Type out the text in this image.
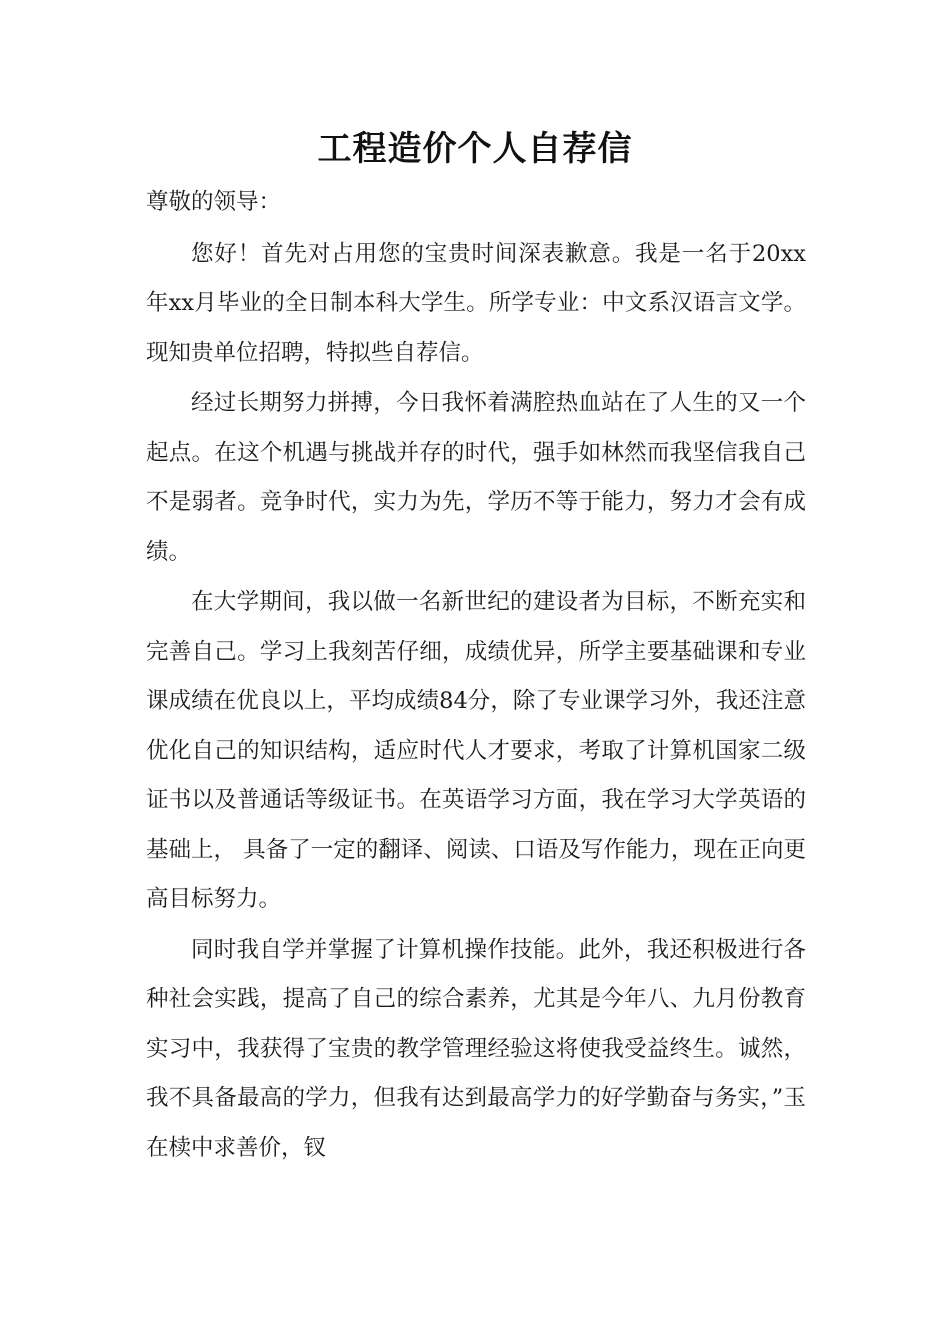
工程造价个人自荐信

尊敬的领导：

您好！首先对占用您的宝贵时间深表歉意。我是一名于20xx年xx月毕业的全日制本科大学生。所学专业：中文系汉语言文学。 现知贵单位招聘，特拟些自荐信。

经过长期努力拼搏，今日我怀着满腔热血站在了人生的又一个起点。在这个机遇与挑战并存的时代，强手如林然而我坚信我自己不是弱者。竞争时代，实力为先，学历不等于能力，努力才会有成绩。

在大学期间，我以做一名新世纪的建设者为目标，不断充实和完善自己。学习上我刻苦仔细，成绩优异，所学主要基础课和专业课成绩在优良以上，平均成绩84分，除了专业课学习外，我还注意优化自己的知识结构，适应时代人才要求，考取了计算机国家二级证书以及普通话等级证书。在英语学习方面，我在学习大学英语的基础上， 具备了一定的翻译、阅读、口语及写作能力，现在正向更高目标努力。

同时我自学并掌握了计算机操作技能。此外，我还积极进行各种社会实践，提高了自己的综合素养，尤其是今年八、九月份教育实习中，我获得了宝贵的教学管理经验这将使我受益终生。诚然，我不具备最高的学力，但我有达到最高学力的好学勤奋与务实，”玉在椟中求善价，钗
